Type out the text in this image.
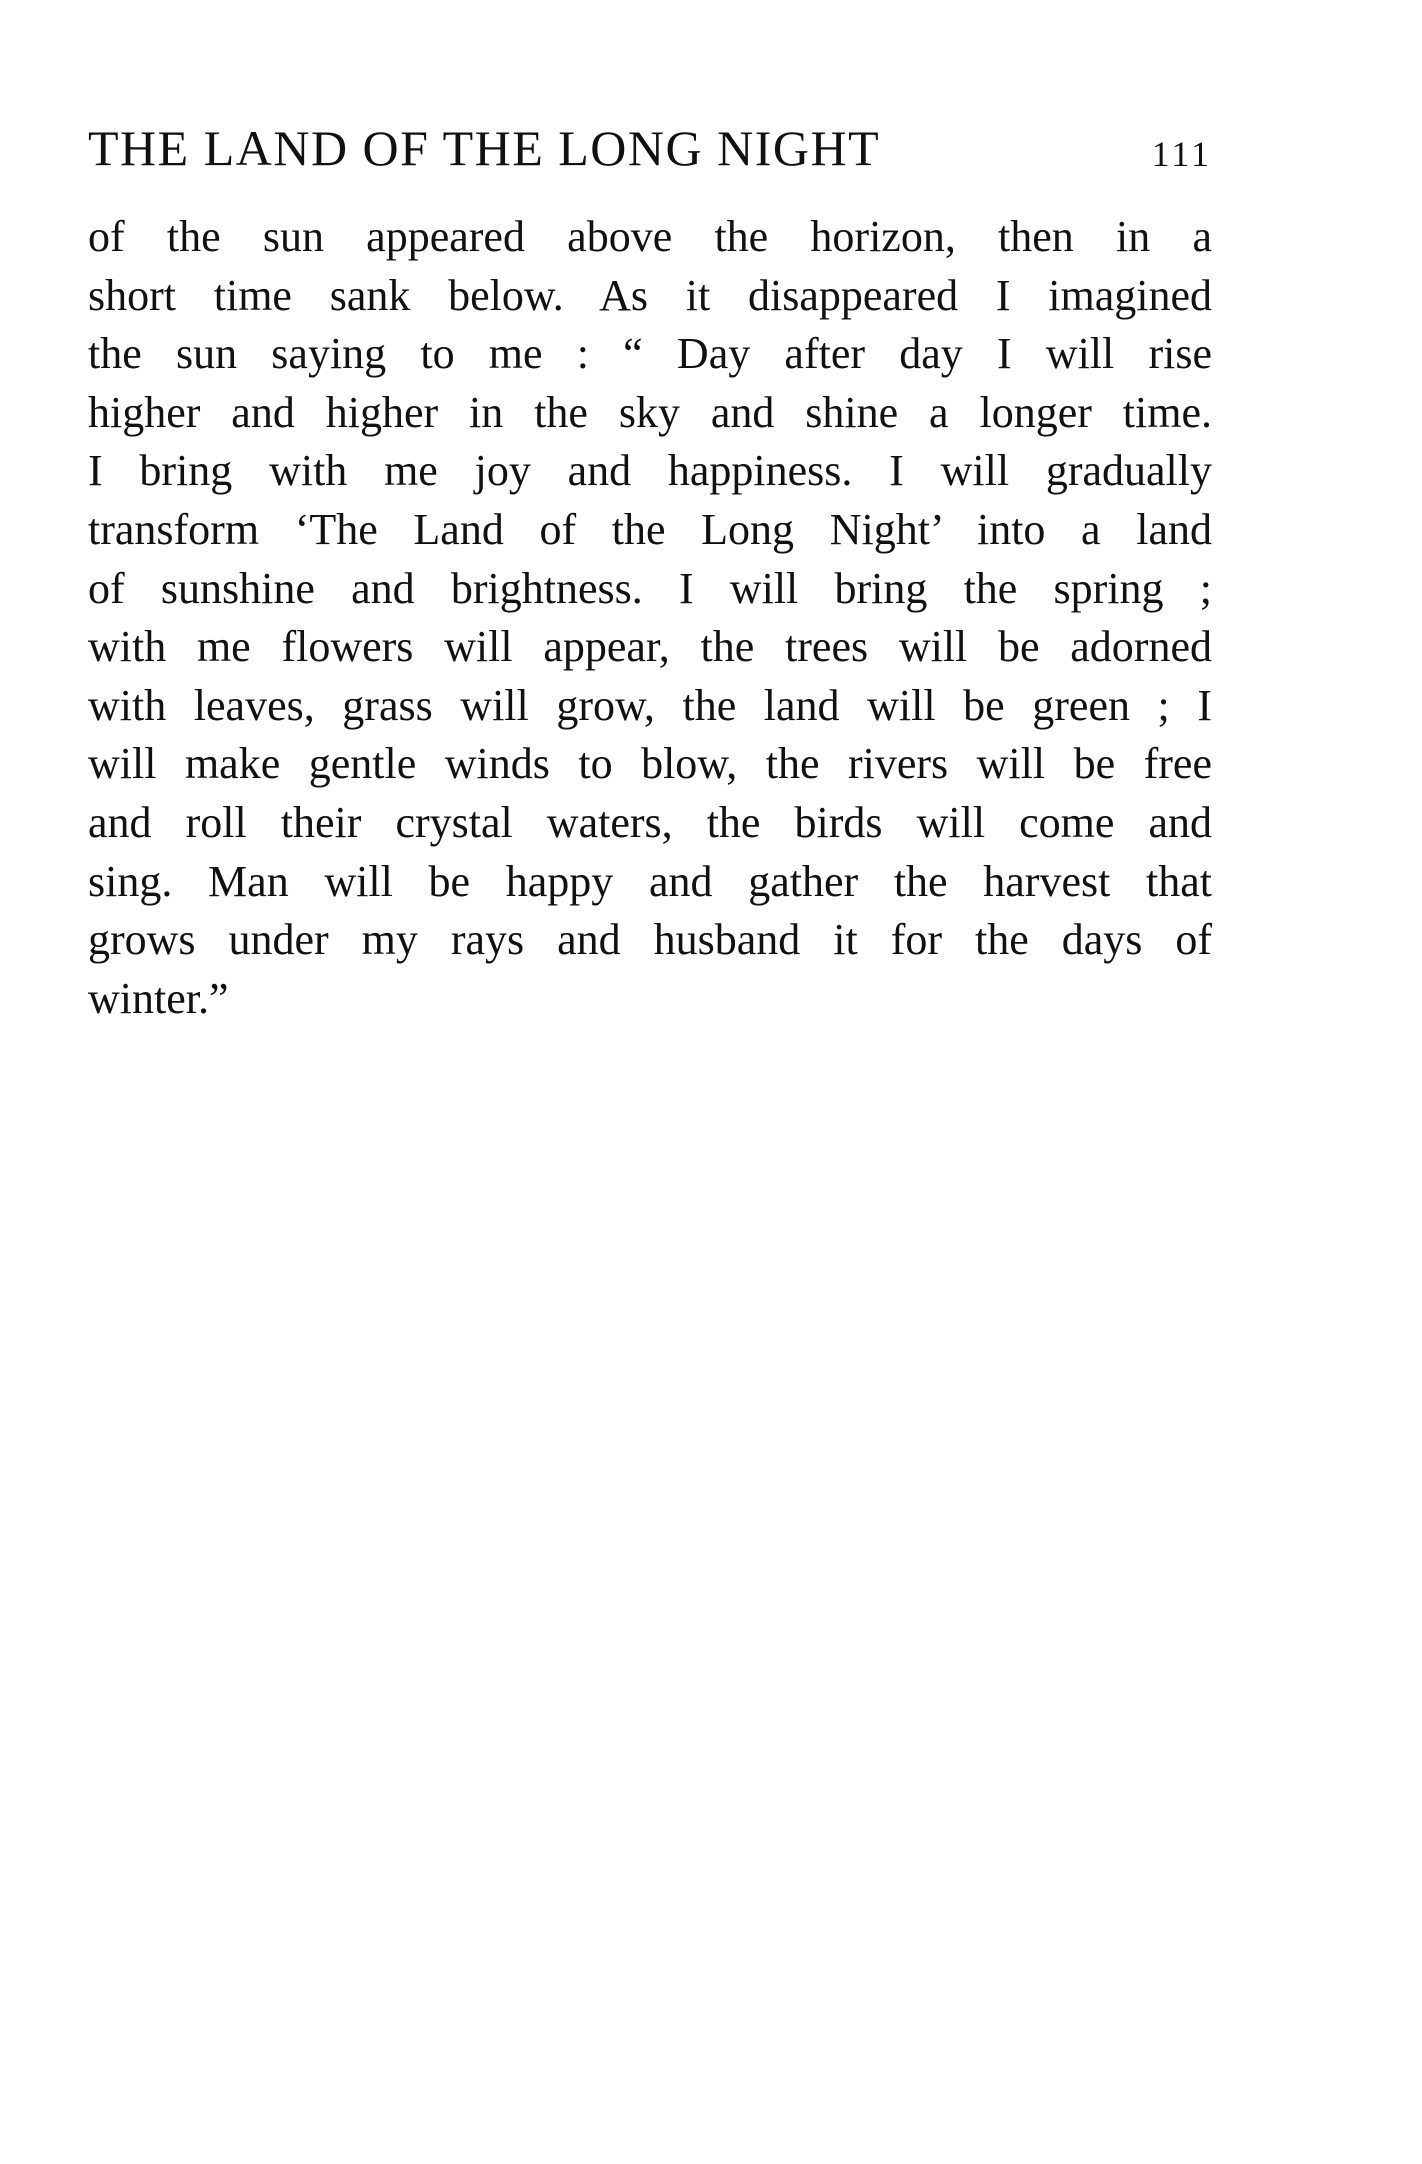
THE LAND OF THE LONG NIGHT	111
of the sun appeared above the horizon, then in a
short time sank below. As it disappeared I imagined
the sun saying to me : “ Day after day I will rise
higher and higher in the sky and shine a longer time.
I bring with me joy and happiness. I will gradually
transform ‘The Land of the Long Night’ into a land
of sunshine and brightness. I will bring the spring ;
with me flowers will appear, the trees will be adorned
with leaves, grass will grow, the land will be green ; I
will make gentle winds to blow, the rivers will be free
and roll their crystal waters, the birds will come and
sing. Man will be happy and gather the harvest that
grows under my rays and husband it for the days of
winter.”
